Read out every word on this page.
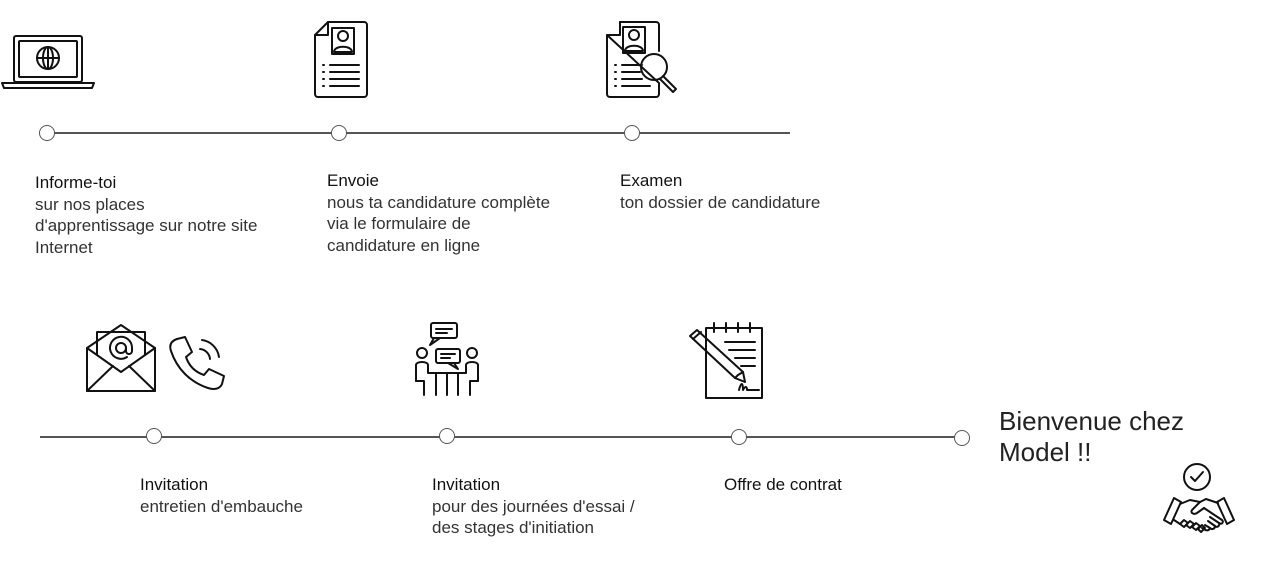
Informe-toi
sur nos places
d'apprentissage sur notre site
Internet
Envoie
nous ta candidature complète
via le formulaire de
candidature en ligne
Examen
ton dossier de candidature
Invitation
entretien d'embauche
Invitation
pour des journées d'essai /
des stages d'initiation
Offre de contrat
Bienvenue chez
Model !!
